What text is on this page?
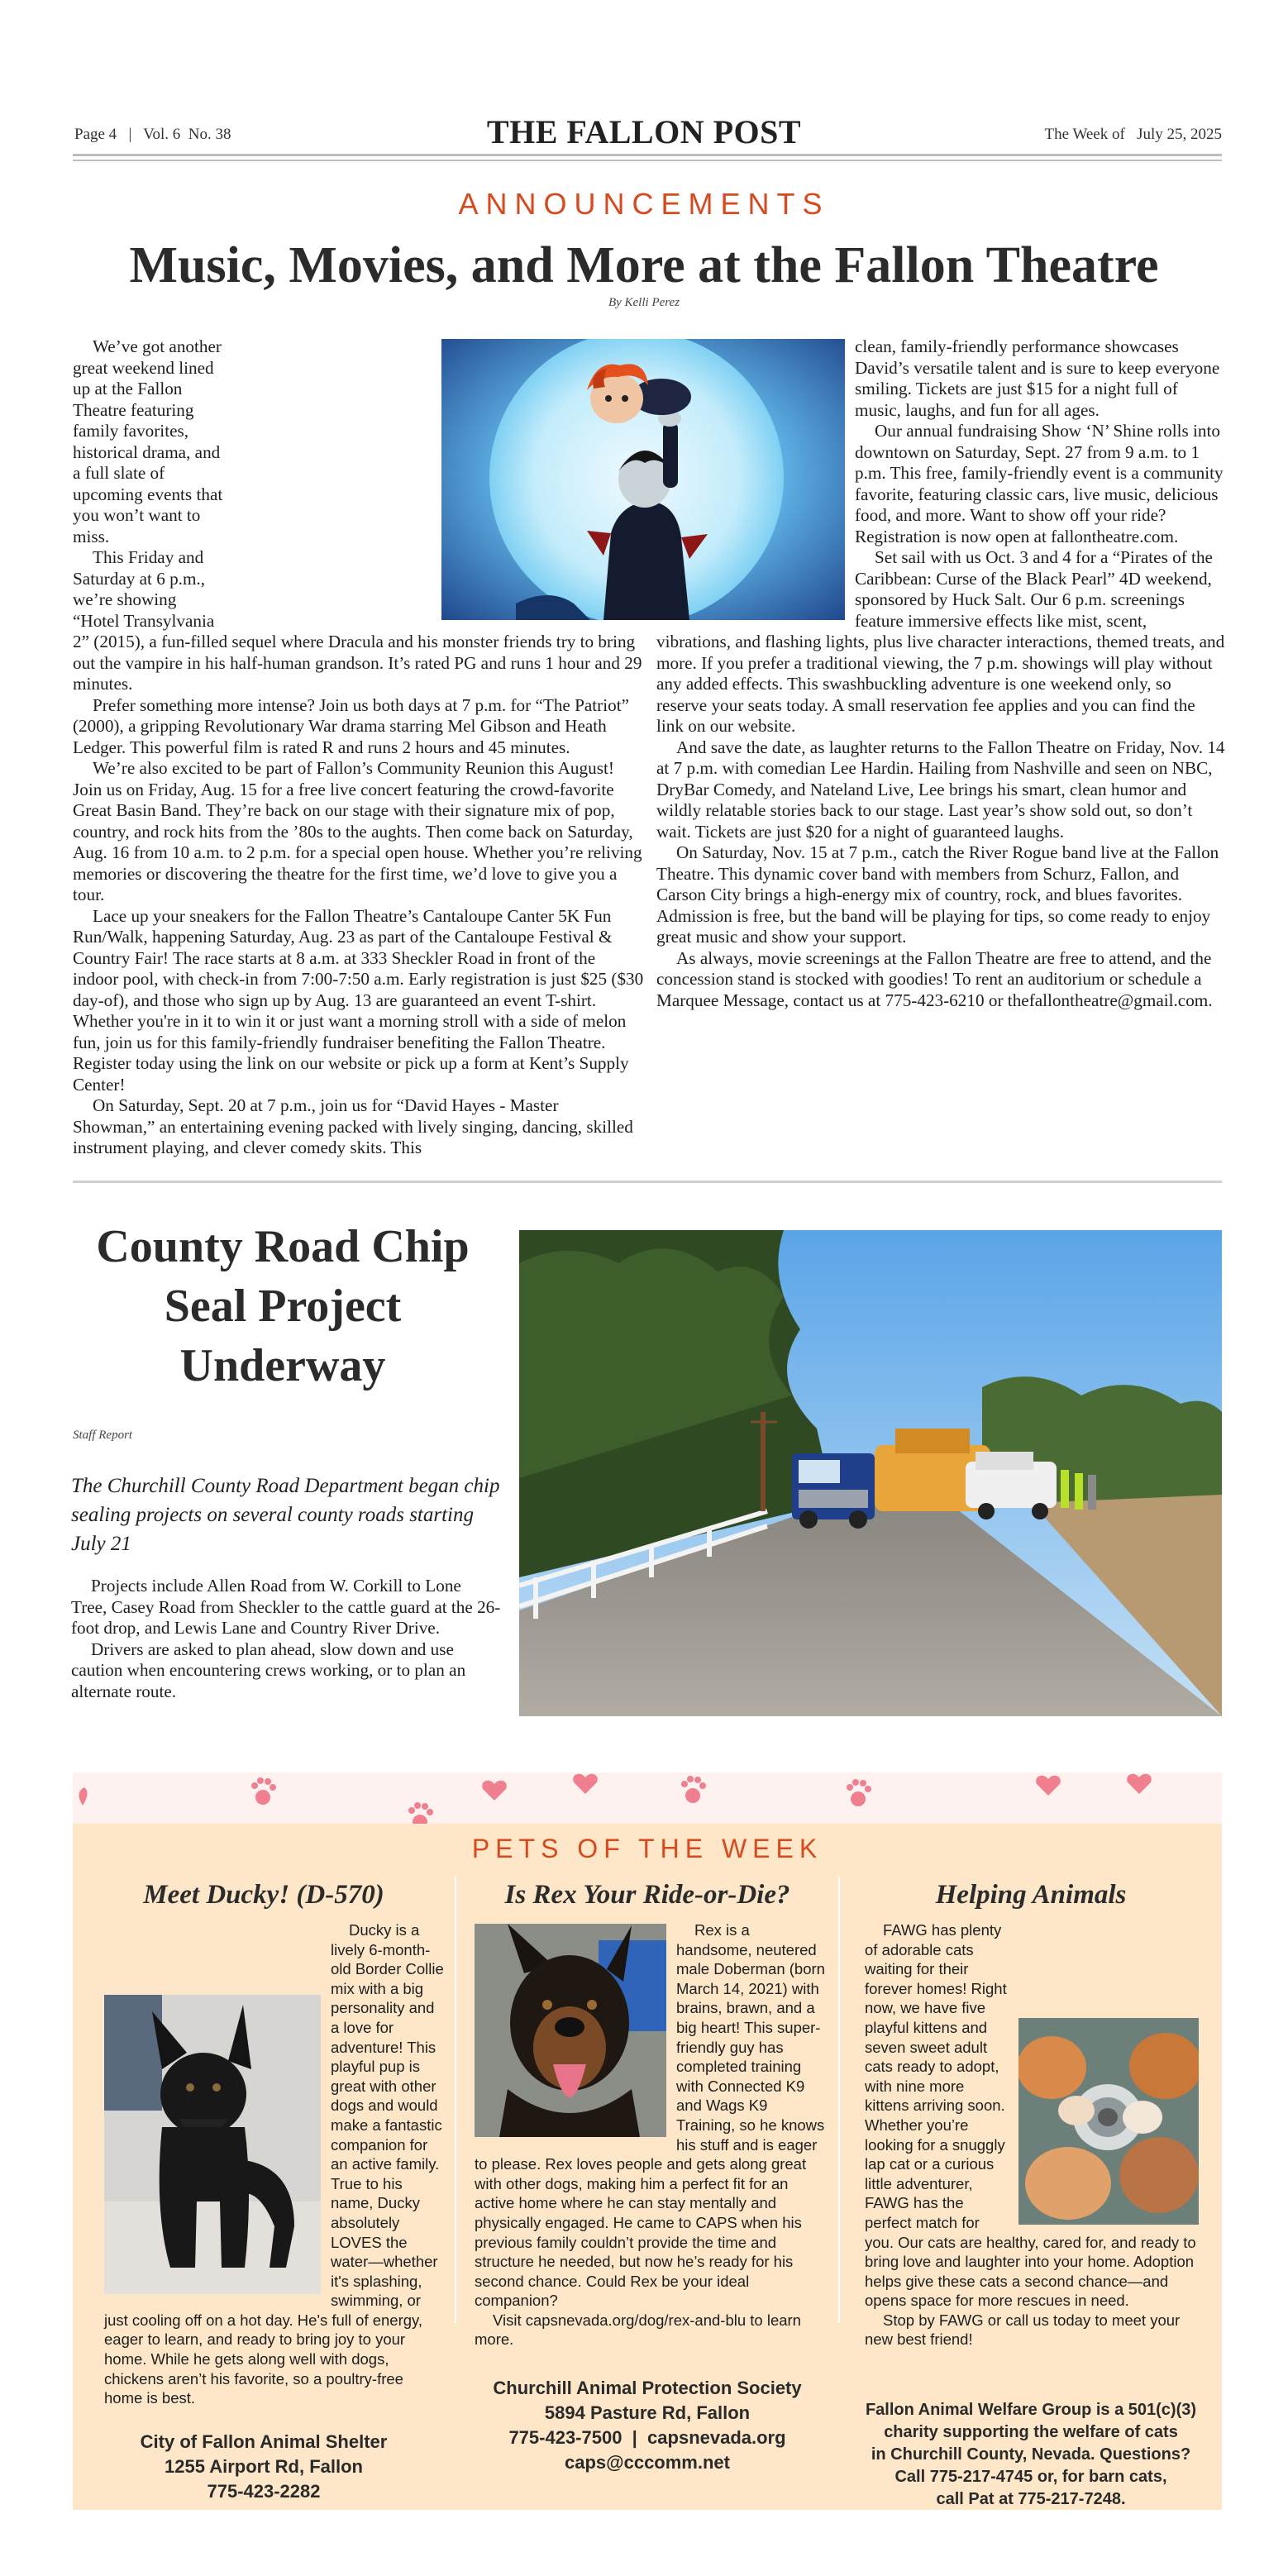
Page 4 | Vol. 6  No. 38	THE FALLON POST	The Week of July 25, 2025
ANNOUNCEMENTS
Music, Movies, and More at the Fallon Theatre
By Kelli Perez

We’ve got another great weekend lined up at the Fallon Theatre featuring family favorites, historical drama, and a full slate of upcoming events that you won’t want to miss.

This Friday and Saturday at 6 p.m., we’re showing “Hotel Transylvania 2” (2015), a fun-filled sequel where Dracula and his monster friends try to bring out the vampire in his half-human grandson. It’s rated PG and runs 1 hour and 29 minutes.

Prefer something more intense? Join us both days at 7 p.m. for “The Patriot” (2000), a gripping Revolutionary War drama starring Mel Gibson and Heath Ledger. This powerful film is rated R and runs 2 hours and 45 minutes.

We’re also excited to be part of Fallon’s Community Reunion this August! Join us on Friday, Aug. 15 for a free live concert featuring the crowd-favorite Great Basin Band. They’re back on our stage with their signature mix of pop, country, and rock hits from the ’80s to the aughts. Then come back on Saturday, Aug. 16 from 10 a.m. to 2 p.m. for a special open house. Whether you’re reliving memories or discovering the theatre for the first time, we’d love to give you a tour.

Lace up your sneakers for the Fallon Theatre’s Cantaloupe Canter 5K Fun Run/Walk, happening Saturday, Aug. 23 as part of the Cantaloupe Festival & Country Fair! The race starts at 8 a.m. at 333 Sheckler Road in front of the indoor pool, with check-in from 7:00-7:50 a.m. Early registration is just $25 ($30 day-of), and those who sign up by Aug. 13 are guaranteed an event T-shirt. Whether you're in it to win it or just want a morning stroll with a side of melon fun, join us for this family-friendly fundraiser benefiting the Fallon Theatre. Register today using the link on our website or pick up a form at Kent’s Supply Center!

On Saturday, Sept. 20 at 7 p.m., join us for “David Hayes - Master Showman,” an entertaining evening packed with lively singing, dancing, skilled instrument playing, and clever comedy skits. This

clean, family-friendly performance showcases David’s versatile talent and is sure to keep everyone smiling. Tickets are just $15 for a night full of music, laughs, and fun for all ages.

Our annual fundraising Show ‘N’ Shine rolls into downtown on Saturday, Sept. 27 from 9 a.m. to 1 p.m. This free, family-friendly event is a community favorite, featuring classic cars, live music, delicious food, and more. Want to show off your ride? Registration is now open at fallontheatre.com.

Set sail with us Oct. 3 and 4 for a “Pirates of the Caribbean: Curse of the Black Pearl” 4D weekend, sponsored by Huck Salt. Our 6 p.m. screenings feature immersive effects like mist, scent, vibrations, and flashing lights, plus live character interactions, themed treats, and more. If you prefer a traditional viewing, the 7 p.m. showings will play without any added effects. This swashbuckling adventure is one weekend only, so reserve your seats today. A small reservation fee applies and you can find the link on our website.

And save the date, as laughter returns to the Fallon Theatre on Friday, Nov. 14 at 7 p.m. with comedian Lee Hardin. Hailing from Nashville and seen on NBC, DryBar Comedy, and Nateland Live, Lee brings his smart, clean humor and wildly relatable stories back to our stage. Last year’s show sold out, so don’t wait. Tickets are just $20 for a night of guaranteed laughs.

On Saturday, Nov. 15 at 7 p.m., catch the River Rogue band live at the Fallon Theatre. This dynamic cover band with members from Schurz, Fallon, and Carson City brings a high-energy mix of country, rock, and blues favorites. Admission is free, but the band will be playing for tips, so come ready to enjoy great music and show your support.

As always, movie screenings at the Fallon Theatre are free to attend, and the concession stand is stocked with goodies! To rent an auditorium or schedule a Marquee Message, contact us at 775-423-6210 or thefallontheatre@gmail.com.

County Road Chip Seal Project Underway
Staff Report
The Churchill County Road Department began chip sealing projects on several county roads starting July 21

Projects include Allen Road from W. Corkill to Lone Tree, Casey Road from Sheckler to the cattle guard at the 26-foot drop, and Lewis Lane and Country River Drive.

Drivers are asked to plan ahead, slow down and use caution when encountering crews working, or to plan an alternate route.

PETS OF THE WEEK
Meet Ducky! (D-570)

Ducky is a lively 6-month-old Border Collie mix with a big personality and a love for adventure! This playful pup is great with other dogs and would make a fantastic companion for an active family. True to his name, Ducky absolutely LOVES the water—whether it's splashing, swimming, or just cooling off on a hot day. He's full of energy, eager to learn, and ready to bring joy to your home. While he gets along well with dogs, chickens aren’t his favorite, so a poultry-free home is best.

City of Fallon Animal Shelter
1255 Airport Rd, Fallon
775-423-2282
Is Rex Your Ride-or-Die?

Rex is a handsome, neutered male Doberman (born March 14, 2021) with brains, brawn, and a big heart! This super-friendly guy has completed training with Connected K9 and Wags K9 Training, so he knows his stuff and is eager to please. Rex loves people and gets along great with other dogs, making him a perfect fit for an active home where he can stay mentally and physically engaged. He came to CAPS when his previous family couldn’t provide the time and structure he needed, but now he’s ready for his second chance. Could Rex be your ideal companion?

Visit capsnevada.org/dog/rex-and-blu to learn more.

Churchill Animal Protection Society
5894 Pasture Rd, Fallon
775-423-7500  |  capsnevada.org
caps@cccomm.net
Helping Animals

FAWG has plenty of adorable cats waiting for their forever homes! Right now, we have five playful kittens and seven sweet adult cats ready to adopt, with nine more kittens arriving soon. Whether you’re looking for a snuggly lap cat or a curious little adventurer, FAWG has the perfect match for you. Our cats are healthy, cared for, and ready to bring love and laughter into your home. Adoption helps give these cats a second chance—and opens space for more rescues in need.

Stop by FAWG or call us today to meet your new best friend!

Fallon Animal Welfare Group is a 501(c)(3)
charity supporting the welfare of cats
in Churchill County, Nevada. Questions?
Call 775-217-4745 or, for barn cats,
call Pat at 775-217-7248.
